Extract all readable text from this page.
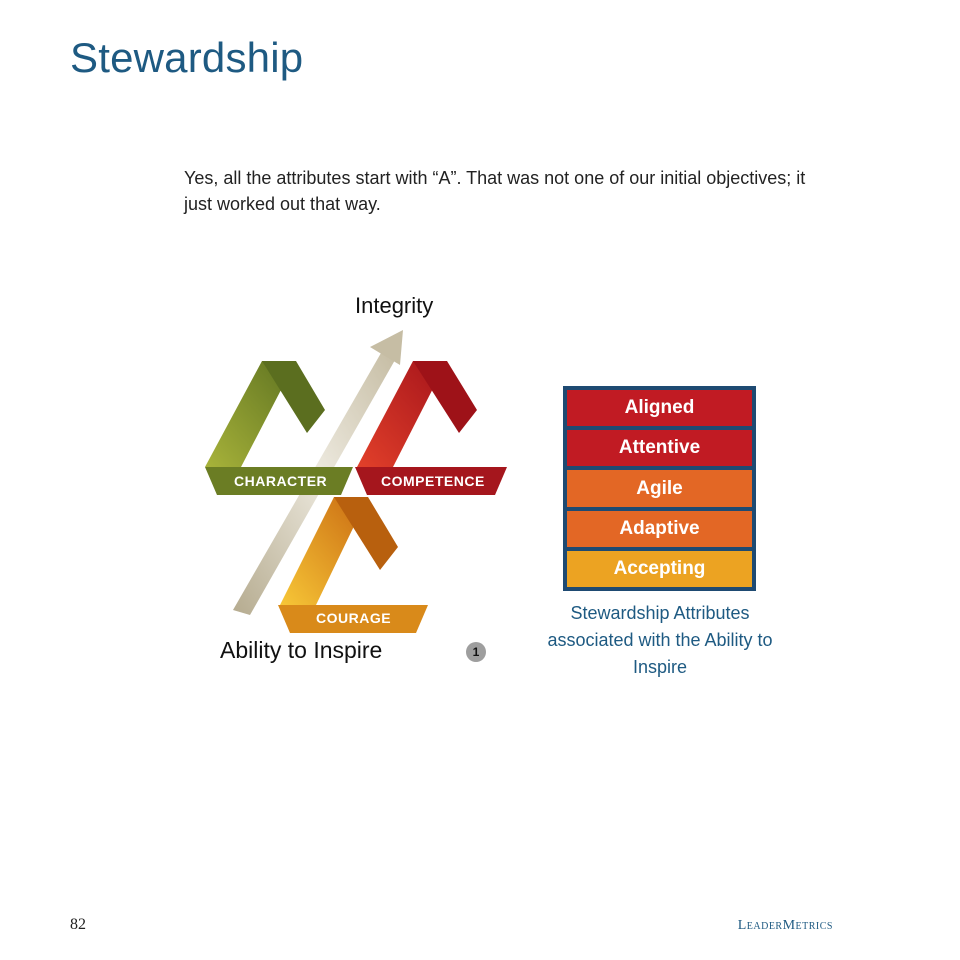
Stewardship
Yes, all the attributes start with “A”. That was not one of our initial objectives; it just worked out that way.
Integrity
CHARACTER	COMPETENCE
COURAGE
Ability to Inspire	1
Aligned
Attentive
Agile
Adaptive
Accepting
Stewardship Attributes associated with the Ability to Inspire
82	LeaderMetrics
